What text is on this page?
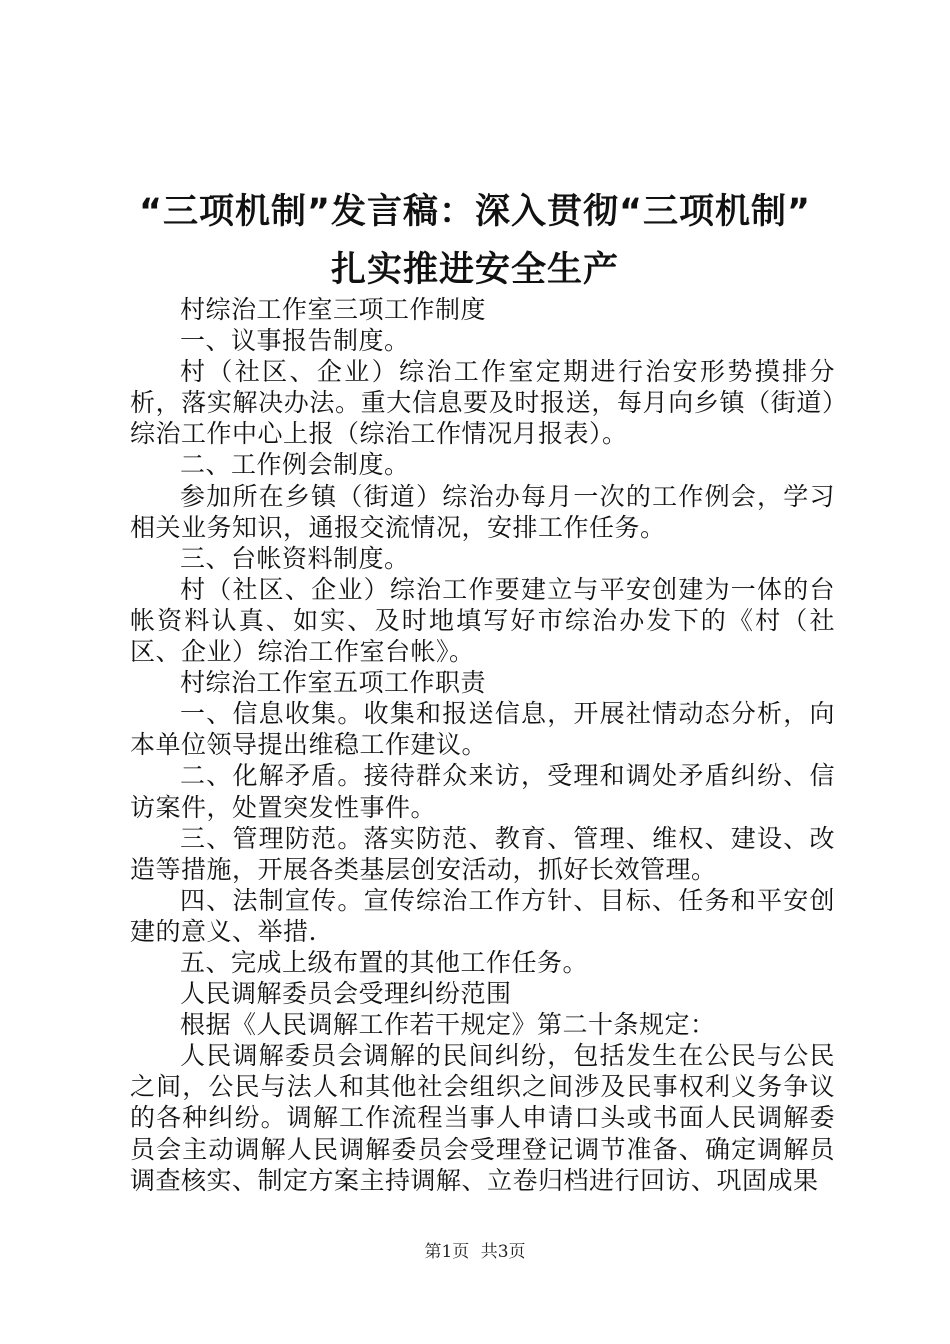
“三项机制”发言稿：深入贯彻“三项机制”
扎实推进安全生产

村综治工作室三项工作制度

一、议事报告制度。

村（社区、企业）综治工作室定期进行治安形势摸排分析，落实解决办法。重大信息要及时报送，每月向乡镇（街道）综治工作中心上报（综治工作情况月报表）。

二、工作例会制度。

参加所在乡镇（街道）综治办每月一次的工作例会，学习相关业务知识，通报交流情况，安排工作任务。

三、台帐资料制度。

村（社区、企业）综治工作要建立与平安创建为一体的台帐资料认真、如实、及时地填写好市综治办发下的《村（社区、企业）综治工作室台帐》。

村综治工作室五项工作职责

一、信息收集。收集和报送信息，开展社情动态分析，向本单位领导提出维稳工作建议。

二、化解矛盾。接待群众来访，受理和调处矛盾纠纷、信访案件，处置突发性事件。

三、管理防范。落实防范、教育、管理、维权、建设、改造等措施，开展各类基层创安活动，抓好长效管理。

四、法制宣传。宣传综治工作方针、目标、任务和平安创建的意义、举措.

五、完成上级布置的其他工作任务。

人民调解委员会受理纠纷范围

根据《人民调解工作若干规定》第二十条规定：

人民调解委员会调解的民间纠纷，包括发生在公民与公民之间，公民与法人和其他社会组织之间涉及民事权利义务争议的各种纠纷。调解工作流程当事人申请口头或书面人民调解委员会主动调解人民调解委员会受理登记调节准备、确定调解员调查核实、制定方案主持调解、立卷归档进行回访、巩固成果

第1页 共3页
